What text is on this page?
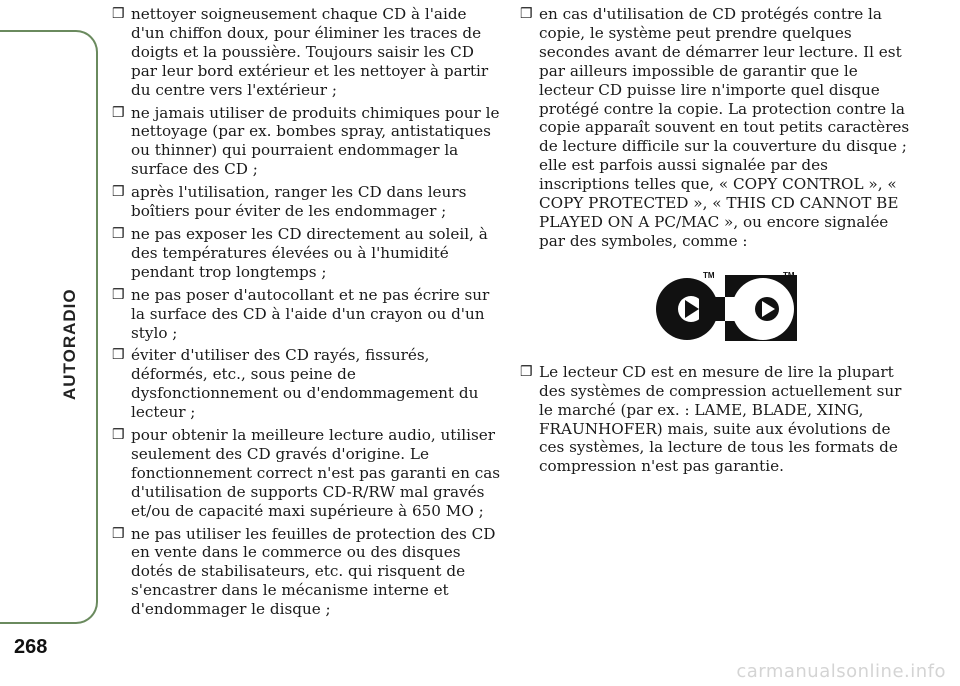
AUTORADIO
268
❒ nettoyer soigneusement chaque CD à l'aide d'un chiffon doux, pour éliminer les traces de doigts et la poussière. Toujours saisir les CD par leur bord extérieur et les nettoyer à partir du centre vers l'extérieur ;
❒ ne jamais utiliser de produits chimiques pour le nettoyage (par ex. bombes spray, antistatiques ou thinner) qui pourraient endommager la surface des CD ;
❒ après l'utilisation, ranger les CD dans leurs boîtiers pour éviter de les endommager ;
❒ ne pas exposer les CD directement au soleil, à des températures élevées ou à l'humidité pendant trop longtemps ;
❒ ne pas poser d'autocollant et ne pas écrire sur la surface des CD à l'aide d'un crayon ou d'un stylo ;
❒ éviter d'utiliser des CD rayés, fissurés, déformés, etc., sous peine de dysfonctionnement ou d'endommagement du lecteur ;
❒ pour obtenir la meilleure lecture audio, utiliser seulement des CD gravés d'origine. Le fonctionnement correct n'est pas garanti en cas d'utilisation de supports CD-R/RW mal gravés et/ou de capacité maxi supérieure à 650 MO ;
❒ ne pas utiliser les feuilles de protection des CD en vente dans le commerce ou des disques dotés de stabilisateurs, etc. qui risquent de s'encastrer dans le mécanisme interne et d'endommager le disque ;
❒ en cas d'utilisation de CD protégés contre la copie, le système peut prendre quelques secondes avant de démarrer leur lecture. Il est par ailleurs impossible de garantir que le lecteur CD puisse lire n'importe quel disque protégé contre la copie. La protection contre la copie apparaît souvent en tout petits caractères de lecture difficile sur la couverture du disque ; elle est parfois aussi signalée par des inscriptions telles que, « COPY CONTROL », « COPY PROTECTED », « THIS CD CANNOT BE PLAYED ON A PC/MAC », ou encore signalée par des symboles, comme :
TM	TM
❒ Le lecteur CD est en mesure de lire la plupart des systèmes de compression actuellement sur le marché (par ex. : LAME, BLADE, XING, FRAUNHOFER) mais, suite aux évolutions de ces systèmes, la lecture de tous les formats de compression n'est pas garantie.
carmanualsonline.info
